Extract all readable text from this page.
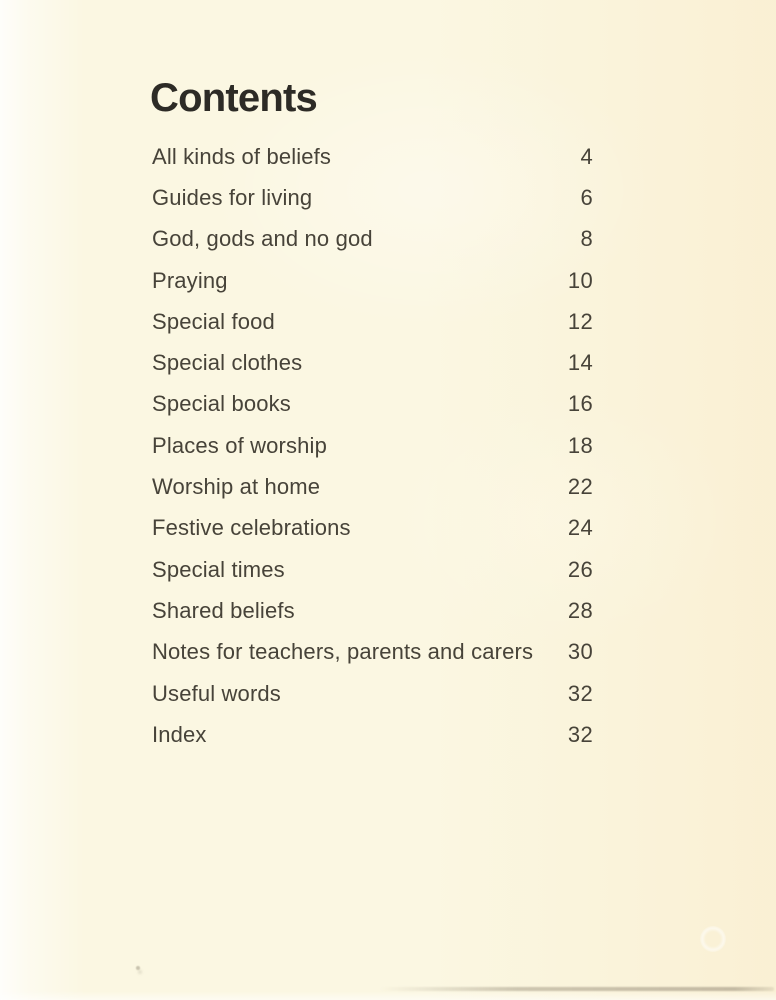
Contents
All kinds of beliefs	4
Guides for living	6
God, gods and no god	8
Praying	10
Special food	12
Special clothes	14
Special books	16
Places of worship	18
Worship at home	22
Festive celebrations	24
Special times	26
Shared beliefs	28
Notes for teachers, parents and carers	30
Useful words	32
Index	32
